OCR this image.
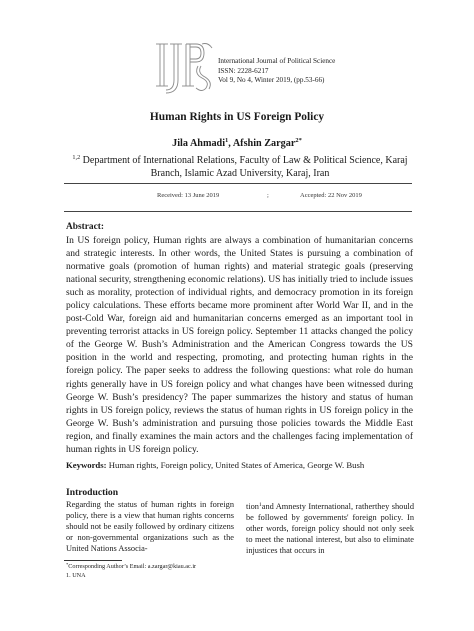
International Journal of Political Science
ISSN: 2228-6217
Vol 9, No 4, Winter 2019, (pp.53-66)
Human Rights in US Foreign Policy
Jila Ahmadi$^1$, Afshin Zargar$^{2*}$
$^{1,2}$ Department of International Relations, Faculty of Law & Political Science, Karaj Branch, Islamic Azad University, Karaj, Iran
Received: 13 June 2019	;	Accepted: 22 Nov 2019
Abstract:
In US foreign policy, Human rights are always a combination of humanitarian concerns and strategic interests. In other words, the United States is pursuing a combination of normative goals (promotion of human rights) and material strategic goals (preserving national security, strengthening economic relations). US has initially tried to include issues such as morality, protection of individual rights, and democracy promotion in its foreign policy calculations. These efforts became more prominent after World War II, and in the post-Cold War, foreign aid and humanitarian concerns emerged as an important tool in preventing terrorist attacks in US foreign policy. September 11 attacks changed the policy of the George W. Bush’s Administration and the American Congress towards the US position in the world and respecting, promoting, and protecting human rights in the foreign policy. The paper seeks to address the following questions: what role do human rights generally have in US foreign policy and what changes have been witnessed during George W. Bush’s presidency? The paper summarizes the history and status of human rights in US foreign policy, reviews the status of human rights in US foreign policy in the George W. Bush’s administration and pursuing those policies towards the Middle East region, and finally examines the main actors and the challenges facing implementation of human rights in US foreign policy.
Keywords: Human rights, Foreign policy, United States of America, George W. Bush
Introduction
Regarding the status of human rights in foreign policy, there is a view that human rights concerns should not be easily followed by ordinary citizens or non-governmental organizations such as the United Nations Associa-
tion$^1$and Amnesty International, ratherthey should be followed by governments' foreign policy. In other words, foreign policy should not only seek to meet the national interest, but also to eliminate injustices that occurs in
*Corresponding Author’s Email: a.zargar@kiau.ac.ir
1. UNA
